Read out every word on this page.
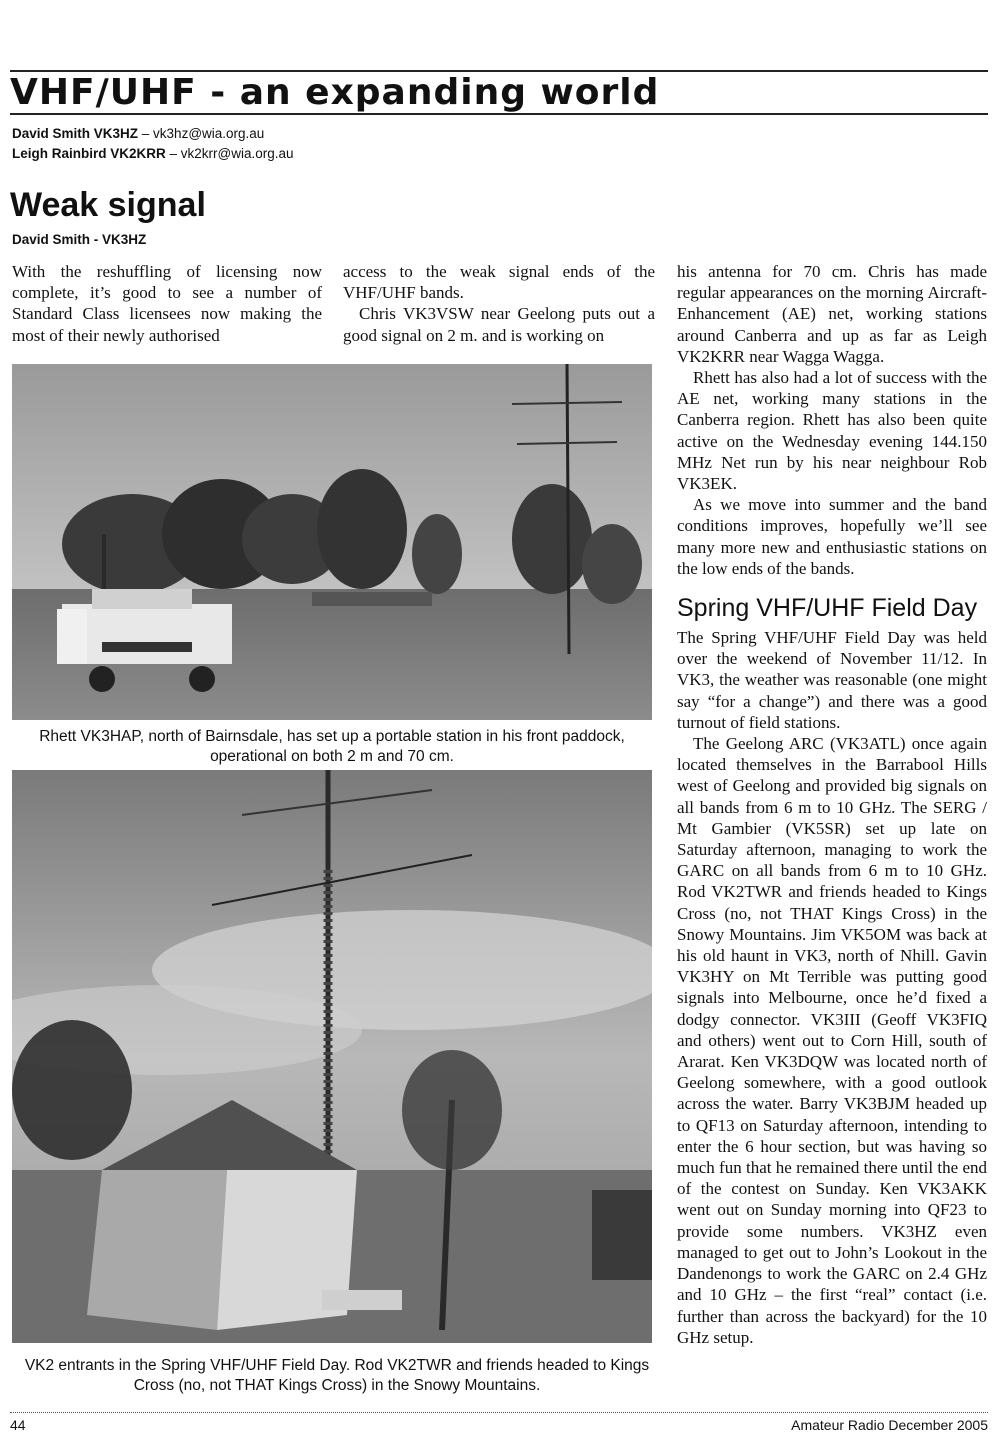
VHF/UHF - an expanding world
David Smith VK3HZ – vk3hz@wia.org.au
Leigh Rainbird VK2KRR – vk2krr@wia.org.au
Weak signal
David Smith - VK3HZ

With the reshuffling of licensing now complete, it’s good to see a number of Standard Class licensees now making the most of their newly authorised

access to the weak signal ends of the VHF/UHF bands.

Chris VK3VSW near Geelong puts out a good signal on 2 m. and is working on

his antenna for 70 cm. Chris has made regular appearances on the morning Aircraft-Enhancement (AE) net, working stations around Canberra and up as far as Leigh VK2KRR near Wagga Wagga.

Rhett has also had a lot of success with the AE net, working many stations in the Canberra region. Rhett has also been quite active on the Wednesday evening 144.150 MHz Net run by his near neighbour Rob VK3EK.

As we move into summer and the band conditions improves, hopefully we’ll see many more new and enthusiastic stations on the low ends of the bands.

Spring VHF/UHF Field Day

The Spring VHF/UHF Field Day was held over the weekend of November 11/12. In VK3, the weather was reasonable (one might say “for a change”) and there was a good turnout of field stations.

The Geelong ARC (VK3ATL) once again located themselves in the Barrabool Hills west of Geelong and provided big signals on all bands from 6 m to 10 GHz. The SERG / Mt Gambier (VK5SR) set up late on Saturday afternoon, managing to work the GARC on all bands from 6 m to 10 GHz. Rod VK2TWR and friends headed to Kings Cross (no, not THAT Kings Cross) in the Snowy Mountains. Jim VK5OM was back at his old haunt in VK3, north of Nhill. Gavin VK3HY on Mt Terrible was putting good signals into Melbourne, once he’d fixed a dodgy connector. VK3III (Geoff VK3FIQ and others) went out to Corn Hill, south of Ararat. Ken VK3DQW was located north of Geelong somewhere, with a good outlook across the water. Barry VK3BJM headed up to QF13 on Saturday afternoon, intending to enter the 6 hour section, but was having so much fun that he remained there until the end of the contest on Sunday. Ken VK3AKK went out on Sunday morning into QF23 to provide some numbers. VK3HZ even managed to get out to John’s Lookout in the Dandenongs to work the GARC on 2.4 GHz and 10 GHz – the first “real” contact (i.e. further than across the backyard) for the 10 GHz setup.

Rhett VK3HAP, north of Bairnsdale, has set up a portable station in his front paddock, operational on both 2 m and 70 cm.
VK2 entrants in the Spring VHF/UHF Field Day. Rod VK2TWR and friends headed to Kings Cross (no, not THAT Kings Cross) in the Snowy Mountains.
44	Amateur Radio December 2005
